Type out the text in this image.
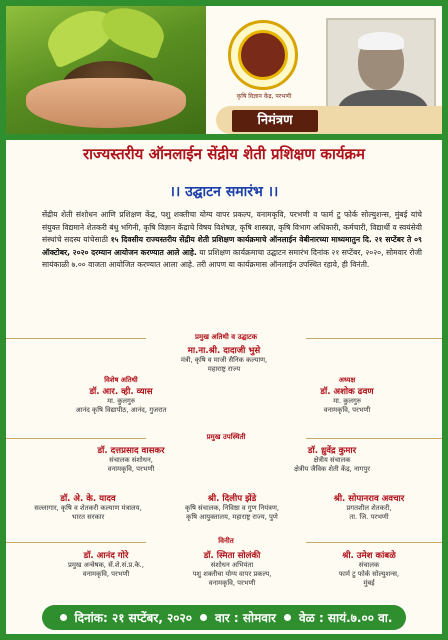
कृषि विज्ञान केंद्र, परभणी
निमंत्रण
राज्यस्तरीय ऑनलाईन सेंद्रीय शेती प्रशिक्षण कार्यक्रम
।। उद्घाटन समारंभ ।।
सेंद्रीय शेती संशोधन आणि प्रशिक्षण केंद्र, पशु शक्तीचा योग्य वापर प्रकल्प, वनामकृवि, परभणी व फार्म टु फोर्क सोल्युशन्स, मुंबई यांचे संयुक्त विद्यमाने शेतकरी बंधु भगिनी, कृषि विज्ञान केंद्राचे विषय विशेषज्ञ, कृषि शास्त्रज्ञ, कृषि विभाग अधिकारी, कर्मचारी, विद्यार्थी व स्वयंसेवी संस्थांचे सदस्य यांचेसाठी १५ दिवसीय राज्यस्तरीय सेंद्रीय शेती प्रशिक्षण कार्यक्रमाचे ऑनलाईन वेबीनारच्या माध्यमातुन दि. २१ सप्टेंबर ते ०९ ऑक्टोबर, २०२० दरम्यान आयोजन करण्यात आले आहे. या प्रशिक्षण कार्यक्रमाचा उद्घाटन समारंभ दिनांक २१ सप्टेंबर, २०२०, सोमवार रोजी सायंकाळी ७.०० वाजता आयोजित करण्यात आला आहे. तरी आपण या कार्यक्रमास ऑनलाईन उपस्थित रहावे, ही विनंती.
प्रमुख अतिथी व उद्घाटक
मा.ना.श्री. दादाजी भुसे
मंत्री, कृषि व माजी सैनिक कल्याण,
महाराष्ट्र राज्य
विशेष अतिथी
डॉ. आर. व्ही. व्यास
मा. कुलगुरु
आनंद कृषि विद्यापीठ, आनंद, गुजरात
अध्यक्ष
डॉ. अशोक ढवण
मा. कुलगुरु
वनामकृवि, परभणी
प्रमुख उपस्थिती
डॉ. दत्तप्रसाद वासकर
संचालक संशोधन,
वनामकृवि, परभणी
डॉ. ध्रुवेंद्र कुमार
क्षेत्रीय संचालक
क्षेत्रीय जैविक शेती केंद्र, नागपुर
डॉ. अे. के. यादव
सल्लागार, कृषि व शेतकरी कल्याण मंत्रालय,
भारत सरकार
श्री. दिलीप झेंडे
कृषि संचालक, निविष्ठा व गुण नियंत्रण,
कृषि आयुक्तालय, महाराष्ट्र राज्य, पुणे
श्री. सोपानराव अवचार
प्रगतशील शेतकरी,
ता. जि. परभणी
विनीत
डॉ. आनंद गोरे
प्रमुख अन्वेषक, सें.शे.सं.प्र.के.,
वनामकृवि, परभणी
डॉ. स्मिता सोलंकी
संशोधन अभियंता
पशु शक्तीचा योग्य वापर प्रकल्प,
वनामकृवि, परभणी
श्री. उमेश कांबळे
संचालक
फार्म टु फोर्क सोल्युशन्स,
मुंबई
दिनांक: २१ सप्टेंबर, २०२० वार : सोमवार वेळ : सायं.७.०० वा.
